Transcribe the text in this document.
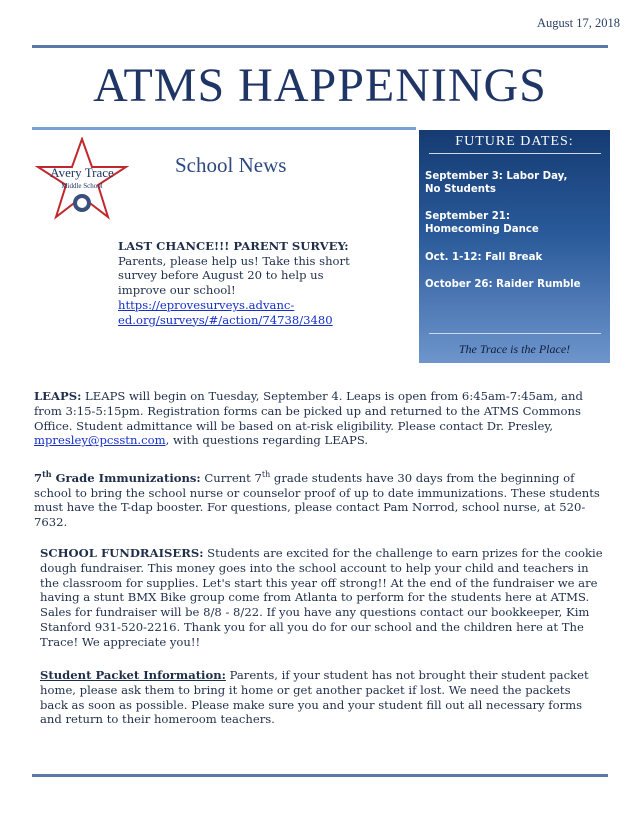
August 17, 2018
ATMS HAPPENINGS
Avery Trace
Middle School
School News
FUTURE DATES:
September 3: Labor Day,
No Students
September 21:
Homecoming Dance
Oct. 1-12: Fall Break
October 26: Raider Rumble
The Trace is the Place!
LAST CHANCE!!! PARENT SURVEY:
Parents, please help us! Take this short survey before August 20 to help us improve our school!
https://eprovesurveys.advanc-ed.org/surveys/#/action/74738/3480
LEAPS: LEAPS will begin on Tuesday, September 4. Leaps is open from 6:45am-7:45am, and from 3:15-5:15pm. Registration forms can be picked up and returned to the ATMS Commons Office. Student admittance will be based on at-risk eligibility. Please contact Dr. Presley, mpresley@pcsstn.com, with questions regarding LEAPS.
7th Grade Immunizations: Current 7th grade students have 30 days from the beginning of school to bring the school nurse or counselor proof of up to date immunizations. These students must have the T-dap booster. For questions, please contact Pam Norrod, school nurse, at 520-7632.
SCHOOL FUNDRAISERS: Students are excited for the challenge to earn prizes for the cookie dough fundraiser. This money goes into the school account to help your child and teachers in the classroom for supplies. Let's start this year off strong!! At the end of the fundraiser we are having a stunt BMX Bike group come from Atlanta to perform for the students here at ATMS. Sales for fundraiser will be 8/8 - 8/22. If you have any questions contact our bookkeeper, Kim Stanford 931-520-2216. Thank you for all you do for our school and the children here at The Trace! We appreciate you!!
Student Packet Information: Parents, if your student has not brought their student packet home, please ask them to bring it home or get another packet if lost. We need the packets back as soon as possible. Please make sure you and your student fill out all necessary forms and return to their homeroom teachers.
